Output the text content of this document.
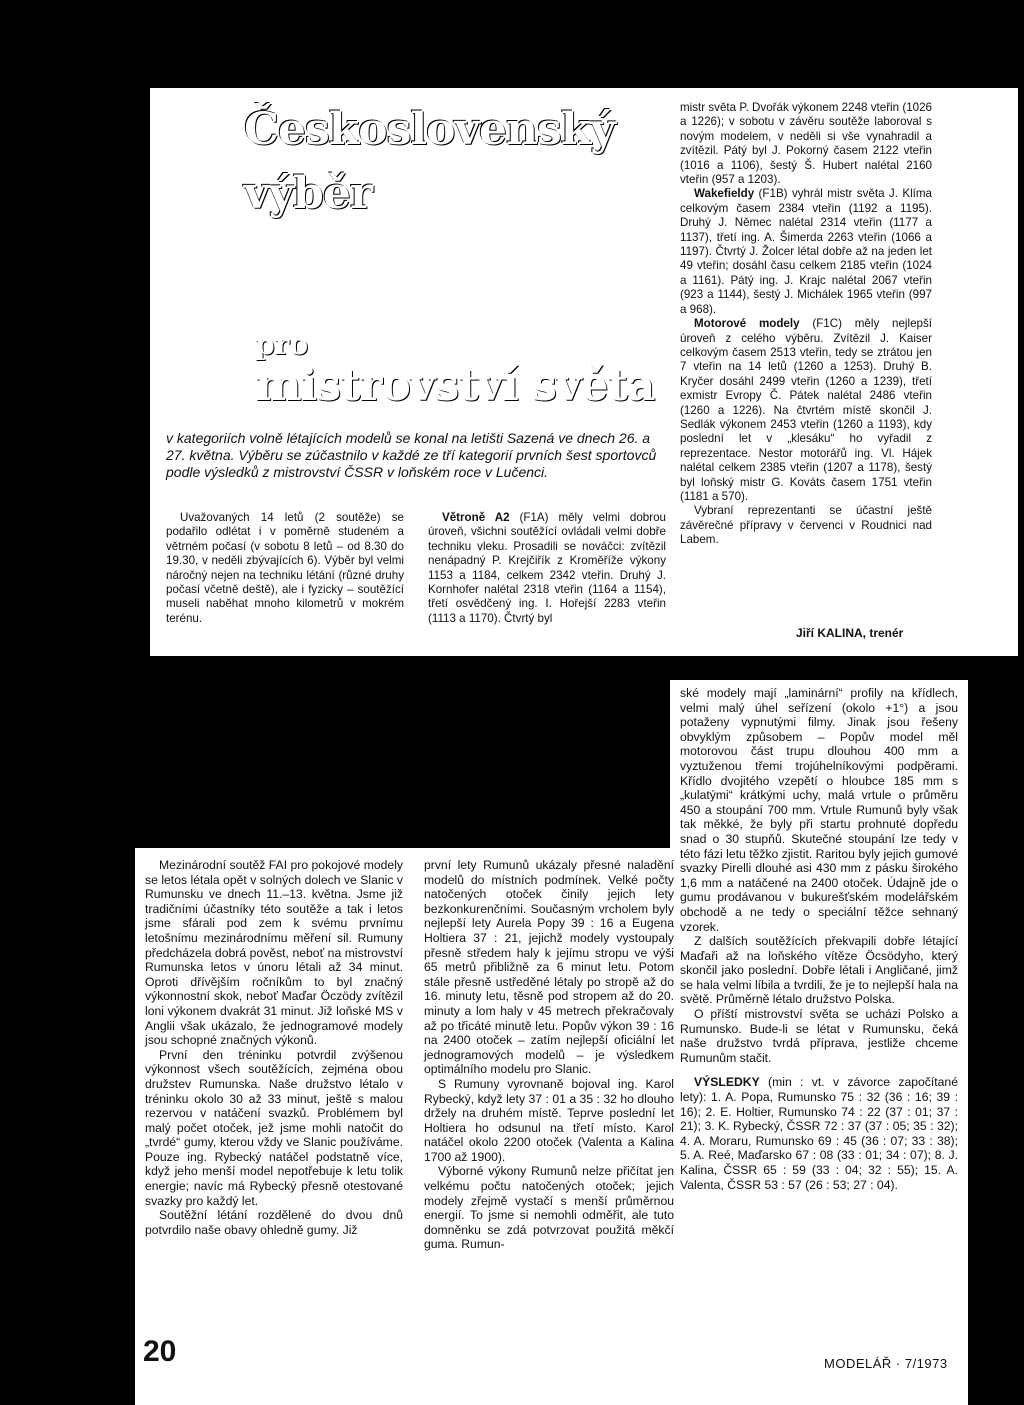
Československý
výběr
pro
mistrovství světa
v kategoriích volně létajících modelů se konal na letišti Sazená ve dnech 26. a 27. května. Výběru se zúčastnilo v každé ze tří kategorií prvních šest sportovců podle výsledků z mistrovství ČSSR v loňském roce v Lučenci.

Uvažovaných 14 letů (2 soutěže) se podařilo odlétat i v poměrně studeném a větrném počasí (v sobotu 8 letů – od 8.30 do 19.30, v neděli zbývajících 6). Výběr byl velmi náročný nejen na techniku létání (různé druhy počasí včetně deště), ale i fyzicky – soutěžící museli naběhat mnoho kilometrů v mokrém terénu.

Větroně A2 (F1A) měly velmi dobrou úroveň, všichni soutěžící ovládali velmi dobře techniku vleku. Prosadili se nováčci: zvítězil nenápadný P. Krejčiřík z Kroměříže výkony 1153 a 1184, celkem 2342 vteřin. Druhý J. Kornhofer nalétal 2318 vteřin (1164 a 1154), třetí osvědčený ing. I. Hořejší 2283 vteřin (1113 a 1170). Čtvrtý byl

mistr světa P. Dvořák výkonem 2248 vteřin (1026 a 1226); v sobotu v závěru soutěže laboroval s novým modelem, v neděli si vše vynahradil a zvítězil. Pátý byl J. Pokorný časem 2122 vteřin (1016 a 1106), šestý Š. Hubert nalétal 2160 vteřin (957 a 1203).

Wakefieldy (F1B) vyhrál mistr světa J. Klíma celkovým časem 2384 vteřin (1192 a 1195). Druhý J. Němec nalétal 2314 vteřin (1177 a 1137), třetí ing. A. Šimerda 2263 vteřin (1066 a 1197). Čtvrtý J. Žolcer létal dobře až na jeden let 49 vteřin; dosáhl času celkem 2185 vteřin (1024 a 1161). Pátý ing. J. Krajc nalétal 2067 vteřin (923 a 1144), šestý J. Michálek 1965 vteřin (997 a 968).

Motorové modely (F1C) měly nejlepší úroveň z celého výběru. Zvítězil J. Kaiser celkovým časem 2513 vteřin, tedy se ztrátou jen 7 vteřin na 14 letů (1260 a 1253). Druhý B. Kryčer dosáhl 2499 vteřin (1260 a 1239), třetí exmistr Evropy Č. Pátek nalétal 2486 vteřin (1260 a 1226). Na čtvrtém místě skončil J. Sedlák výkonem 2453 vteřin (1260 a 1193), kdy poslední let v „klesáku“ ho vyřadil z reprezentace. Nestor motorářů ing. Vl. Hájek nalétal celkem 2385 vteřin (1207 a 1178), šestý byl loňský mistr G. Kováts časem 1751 vteřin (1181 a 570).

Vybraní reprezentanti se účastní ještě závěrečné přípravy v červenci v Roudnici nad Labem.

Jiří KALINA, trenér

Mezinárodní soutěž FAI pro pokojové modely se letos létala opět v solných dolech ve Slanic v Rumunsku ve dnech 11.–13. května. Jsme již tradičními účastníky této soutěže a tak i letos jsme sfárali pod zem k svému prvnímu letošnímu mezinárodnímu měření sil. Rumuny předcházela dobrá pověst, neboť na mistrovství Rumunska letos v únoru létali až 34 minut. Oproti dřívějším ročníkům to byl značný výkonnostní skok, neboť Maďar Öczödy zvítězil loni výkonem dvakrát 31 minut. Již loňské MS v Anglii však ukázalo, že jednogramové modely jsou schopné značných výkonů.

První den tréninku potvrdil zvýšenou výkonnost všech soutěžících, zejména obou družstev Rumunska. Naše družstvo létalo v tréninku okolo 30 až 33 minut, ještě s malou rezervou v natáčení svazků. Problémem byl malý počet otoček, jež jsme mohli natočit do „tvrdé“ gumy, kterou vždy ve Slanic používáme. Pouze ing. Rybecký natáčel podstatně více, když jeho menší model nepotřebuje k letu tolik energie; navíc má Rybecký přesně otestované svazky pro každý let.

Soutěžní létání rozdělené do dvou dnů potvrdilo naše obavy ohledně gumy. Již

první lety Rumunů ukázaly přesné naladění modelů do místních podmínek. Velké počty natočených otoček činily jejich lety bezkonkurenčními. Současným vrcholem byly nejlepší lety Aurela Popy 39 : 16 a Eugena Holtiera 37 : 21, jejichž modely vystoupaly přesně středem haly k jejímu stropu ve výši 65 metrů přibližně za 6 minut letu. Potom stále přesně ustředěné létaly po stropě až do 16. minuty letu, těsně pod stropem až do 20. minuty a lom haly v 45 metrech překračovaly až po třicáté minutě letu. Popův výkon 39 : 16 na 2400 otoček – zatím nejlepší oficiální let jednogramových modelů – je výsledkem optimálního modelu pro Slanic.

S Rumuny vyrovnaně bojoval ing. Karol Rybecký, když lety 37 : 01 a 35 : 32 ho dlouho držely na druhém místě. Teprve poslední let Holtiera ho odsunul na třetí místo. Karol natáčel okolo 2200 otoček (Valenta a Kalina 1700 až 1900).

Výborné výkony Rumunů nelze přičítat jen velkému počtu natočených otoček; jejich modely zřejmě vystačí s menší průměrnou energií. To jsme si nemohli odměřit, ale tuto domněnku se zdá potvrzovat použitá měkčí guma. Rumun-

ské modely mají „laminární“ profily na křídlech, velmi malý úhel seřízení (okolo +1°) a jsou potaženy vypnutými filmy. Jinak jsou řešeny obvyklým způsobem – Popův model měl motorovou část trupu dlouhou 400 mm a vyztuženou třemi trojúhelníkovými podpěrami. Křídlo dvojitého vzepětí o hloubce 185 mm s „kulatými“ krátkými uchy, malá vrtule o průměru 450 a stoupání 700 mm. Vrtule Rumunů byly však tak měkké, že byly při startu prohnuté dopředu snad o 30 stupňů. Skutečné stoupání lze tedy v této fázi letu těžko zjistit. Raritou byly jejich gumové svazky Pirelli dlouhé asi 430 mm z pásku širokého 1,6 mm a natáčené na 2400 otoček. Údajně jde o gumu prodávanou v bukurešťském modelářském obchodě a ne tedy o speciální těžce sehnaný vzorek.

Z dalších soutěžících překvapili dobře létající Maďaři až na loňského vítěze Öcsödyho, který skončil jako poslední. Dobře létali i Angličané, jimž se hala velmi líbila a tvrdili, že je to nejlepší hala na světě. Průměrně létalo družstvo Polska.

O příští mistrovství světa se ucházi Polsko a Rumunsko. Bude-li se létat v Rumunsku, čeká naše družstvo tvrdá příprava, jestliže chceme Rumunům stačit.

VÝSLEDKY (min : vt. v závorce započítané lety): 1. A. Popa, Rumunsko 75 : 32 (36 : 16; 39 : 16); 2. E. Holtier, Rumunsko 74 : 22 (37 : 01; 37 : 21); 3. K. Rybecký, ČSSR 72 : 37 (37 : 05; 35 : 32); 4. A. Moraru, Rumunsko 69 : 45 (36 : 07; 33 : 38); 5. A. Reé, Maďarsko 67 : 08 (33 : 01; 34 : 07); 8. J. Kalina, ČSSR 65 : 59 (33 : 04; 32 : 55); 15. A. Valenta, ČSSR 53 : 57 (26 : 53; 27 : 04).

20	MODELÁŘ · 7/1973
